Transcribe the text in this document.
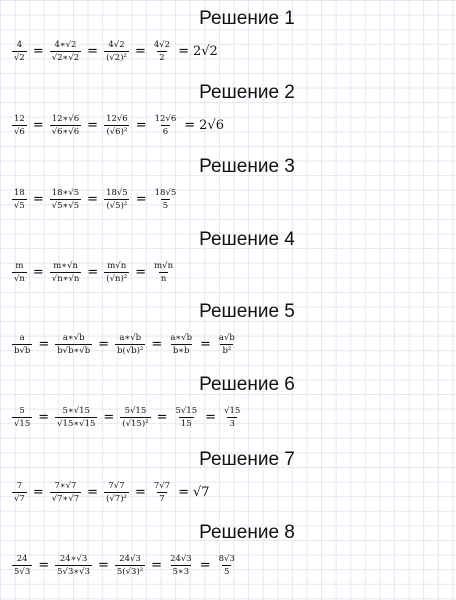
Решение 1
$\frac{4}{√2} = \frac{4∗√2}{√2∗√2} = \frac{4√2}{\text{(√2)²}} = \frac{4√2}{2} = 2√2$
Решение 2
$\frac{12}{√6} = \frac{12∗√6}{√6∗√6} = \frac{12√6}{\text{(√6)²}} = \frac{12√6}{6} = 2√6$
Решение 3
$\frac{18}{√5} = \frac{18∗√5}{√5∗√5} = \frac{18√5}{\text{(√5)²}} = \frac{18√5}{5}$
Решение 4
$\frac{m}{√n} = \frac{m∗√n}{√n∗√n} = \frac{m√n}{\text{(√n)²}} = \frac{m√n}{n}$
Решение 5
$\frac{a}{b√b} = \frac{a∗√b}{b√b∗√b} = \frac{a∗√b}{\text{b(√b)²}} = \frac{a∗√b}{b∗b} = \frac{a√b}{\text{b²}}$
Решение 6
$\frac{5}{√15} = \frac{5∗√15}{√15∗√15} = \frac{5√15}{\text{(√15)²}} = \frac{5√15}{15} = \frac{√15}{3}$
Решение 7
$\frac{7}{√7} = \frac{7∗√7}{√7∗√7} = \frac{7√7}{\text{(√7)²}} = \frac{7√7}{7} = √7$
Решение 8
$\frac{24}{5√3} = \frac{24∗√3}{5√3∗√3} = \frac{24√3}{\text{5(√3)²}} = \frac{24√3}{5∗3} = \frac{8√3}{5}$
